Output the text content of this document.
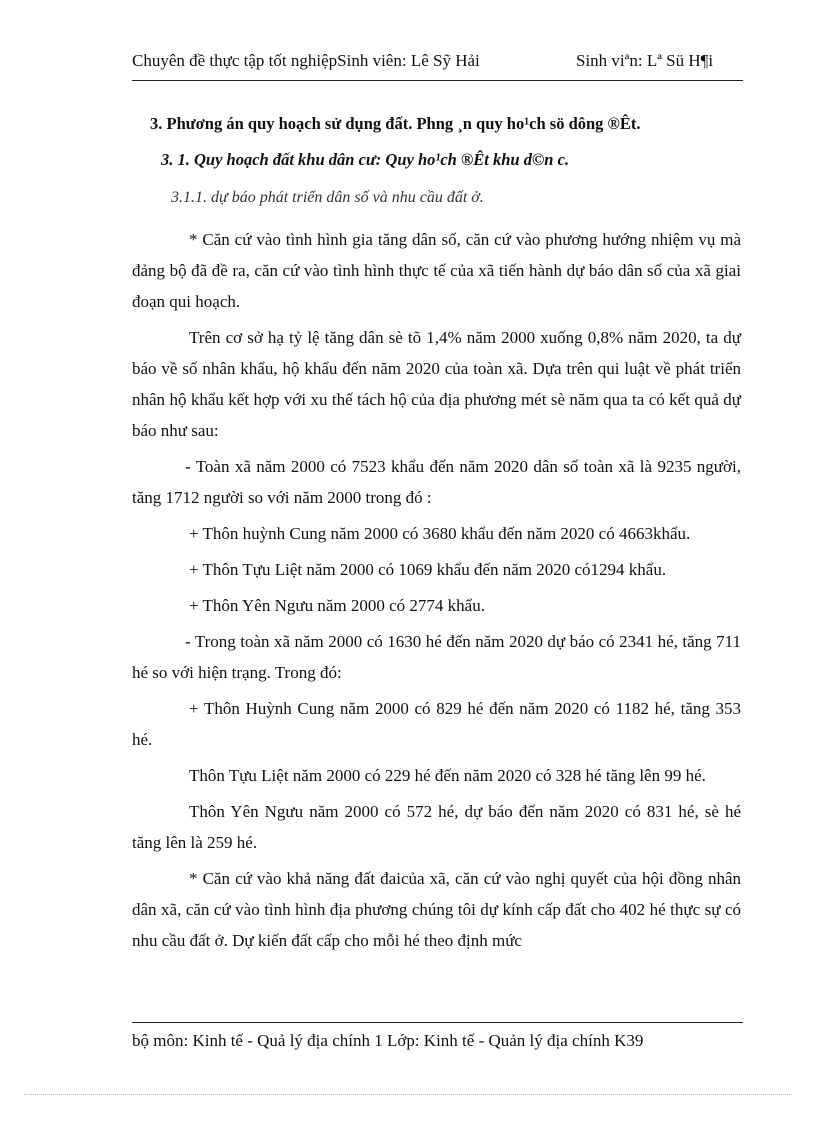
Chuyên đề thực tập tốt nghiệpSinh viên: Lê Sỹ Hải	Sinh viªn: Lª Sü H¶i
3. Phương án quy hoạch sử dụng đất. Phng ¸n quy ho¹ch sö dông ®Êt.
3. 1. Quy hoạch đất khu dân cư: Quy ho¹ch ®Êt khu d©n c.
3.1.1. dự báo phát triển dân số và nhu cầu đất ở.

* Căn cứ vào tình hình gia tăng dân số, căn cứ vào phương hướng nhiệm vụ mà đảng bộ đã đề ra, căn cứ vào tình hình thực tế của xã tiến hành dự báo dân số của xã giai đoạn qui hoạch.

Trên cơ sở hạ tỷ lệ tăng dân sè tõ 1,4% năm 2000 xuống 0,8% năm 2020, ta dự báo về số nhân khẩu, hộ khẩu đến năm 2020 của toàn xã. Dựa trên qui luật về phát triển nhân hộ khẩu kết hợp với xu thế tách hộ của địa phương mét sè năm qua ta có kết quả dự báo như sau:

- Toàn xã năm 2000 có 7523 khẩu đến năm 2020 dân số toàn xã là 9235 người, tăng 1712 người so với năm 2000 trong đó :

+ Thôn huỳnh Cung năm 2000 có 3680 khẩu đến năm 2020 có 4663khẩu.

+ Thôn Tựu Liệt năm 2000 có 1069 khẩu đến năm 2020 có1294 khẩu.

+ Thôn Yên Ngưu năm 2000 có 2774 khẩu.

- Trong toàn xã năm 2000 có 1630 hé đến năm 2020 dự báo có 2341 hé, tăng 711 hé so với hiện trạng. Trong đó:

+ Thôn Huỳnh Cung năm 2000 có 829 hé đến năm 2020 có 1182 hé, tăng 353 hé.

Thôn Tựu Liệt năm 2000 có 229 hé đến năm 2020 có 328 hé tăng lên 99 hé.

Thôn Yên Ngưu năm 2000 có 572 hé, dự báo đến năm 2020 có 831 hé, sè hé tăng lên là 259 hé.

* Căn cứ vào khả năng đất đaicủa xã, căn cứ vào nghị quyết của hội đồng nhân dân xã, căn cứ vào tình hình địa phương chúng tôi dự kính cấp đất cho 402 hé thực sự có nhu cầu đất ở. Dự kiến đất cấp cho mỗi hé theo định mức

bộ môn: Kinh tế - Quả lý địa chính 1 Lớp: Kinh tế - Quản lý địa chính K39
